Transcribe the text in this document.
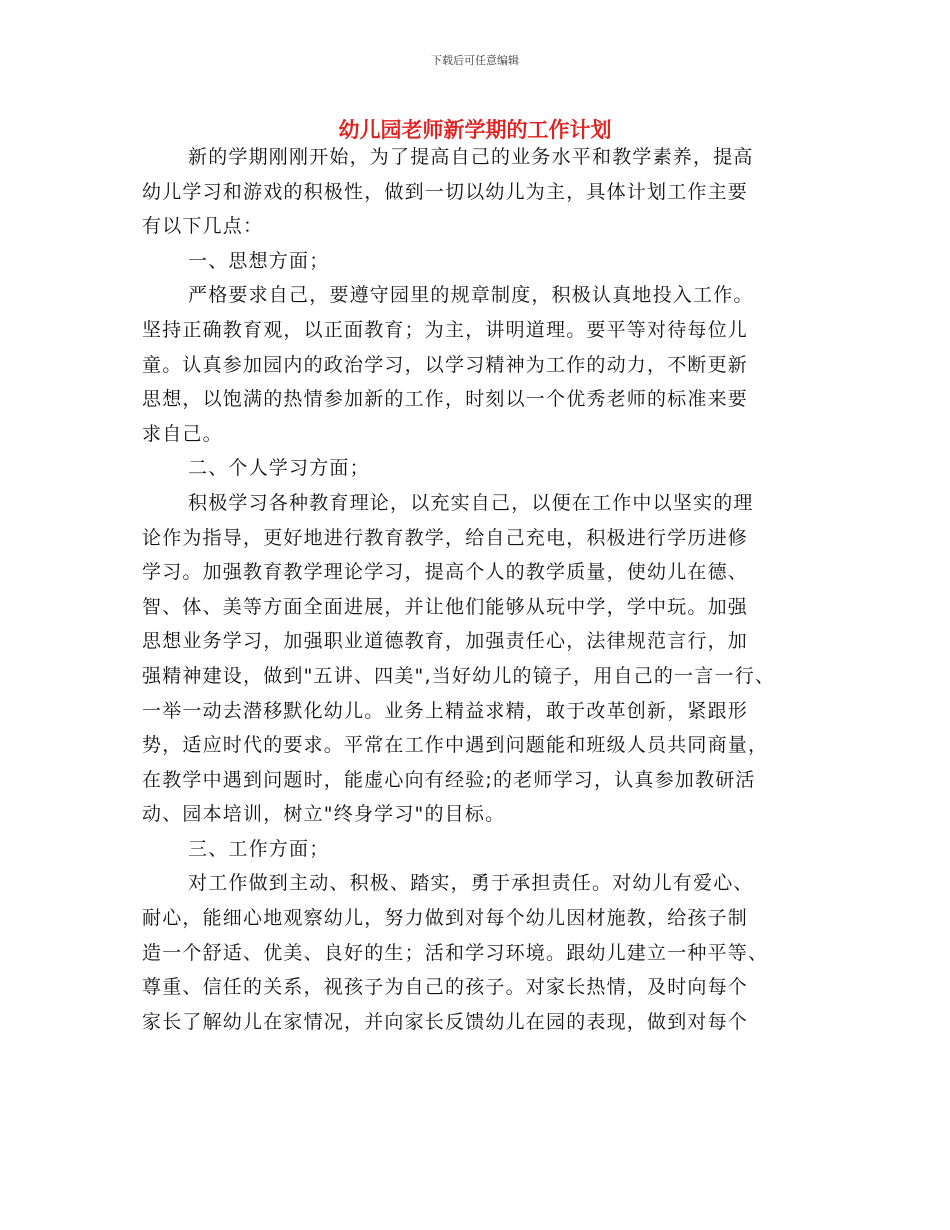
下载后可任意编辑
幼儿园老师新学期的工作计划
新的学期刚刚开始，为了提高自己的业务水平和教学素养，提高
幼儿学习和游戏的积极性，做到一切以幼儿为主，具体计划工作主要
有以下几点：
一、思想方面；
严格要求自己，要遵守园里的规章制度，积极认真地投入工作。
坚持正确教育观，以正面教育；为主，讲明道理。要平等对待每位儿
童。认真参加园内的政治学习，以学习精神为工作的动力，不断更新
思想，以饱满的热情参加新的工作，时刻以一个优秀老师的标准来要
求自己。
二、个人学习方面；
积极学习各种教育理论，以充实自己，以便在工作中以坚实的理
论作为指导，更好地进行教育教学，给自己充电，积极进行学历进修
学习。加强教育教学理论学习，提高个人的教学质量，使幼儿在德、
智、体、美等方面全面进展，并让他们能够从玩中学，学中玩。加强
思想业务学习，加强职业道德教育，加强责任心，法律规范言行，加
强精神建设，做到"五讲、四美",当好幼儿的镜子，用自己的一言一行、
一举一动去潜移默化幼儿。业务上精益求精，敢于改革创新，紧跟形
势，适应时代的要求。平常在工作中遇到问题能和班级人员共同商量，
在教学中遇到问题时，能虚心向有经验;的老师学习，认真参加教研活
动、园本培训，树立"终身学习"的目标。
三、工作方面；
对工作做到主动、积极、踏实，勇于承担责任。对幼儿有爱心、
耐心，能细心地观察幼儿，努力做到对每个幼儿因材施教，给孩子制
造一个舒适、优美、良好的生；活和学习环境。跟幼儿建立一种平等、
尊重、信任的关系，视孩子为自己的孩子。对家长热情，及时向每个
家长了解幼儿在家情况，并向家长反馈幼儿在园的表现，做到对每个
